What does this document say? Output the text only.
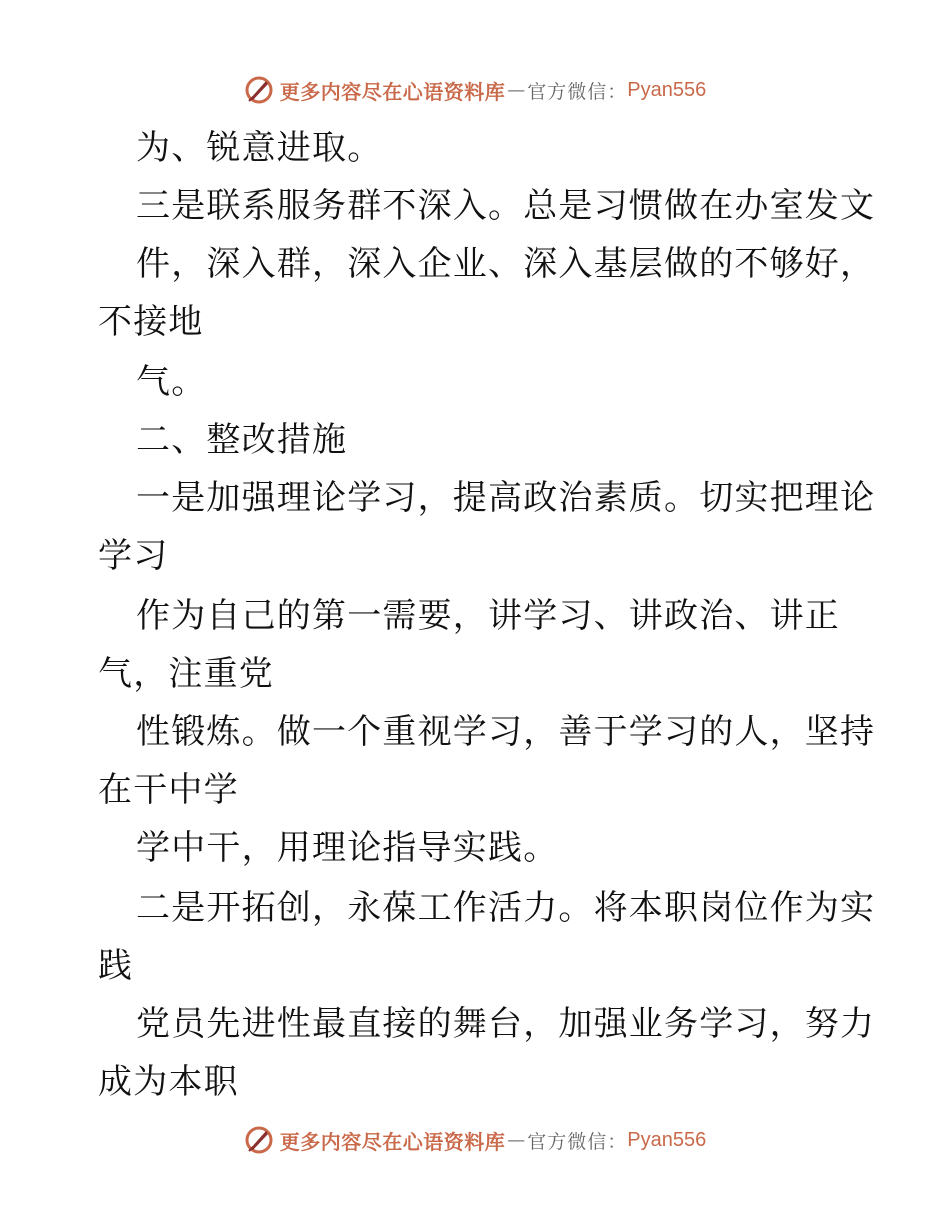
更多内容尽在心语资料库 — 官方微信： Pyan556
为、锐意进取。
三是联系服务群不深入。总是习惯做在办室发文
件，深入群，深入企业、深入基层做的不够好，
不接地
气。
二、整改措施
一是加强理论学习，提高政治素质。切实把理论
学习
作为自己的第一需要，讲学习、讲政治、讲正
气，注重党
性锻炼。做一个重视学习，善于学习的人，坚持
在干中学
学中干，用理论指导实践。
二是开拓创，永葆工作活力。将本职岗位作为实
践
党员先进性最直接的舞台，加强业务学习，努力
成为本职
更多内容尽在心语资料库 — 官方微信： Pyan556
